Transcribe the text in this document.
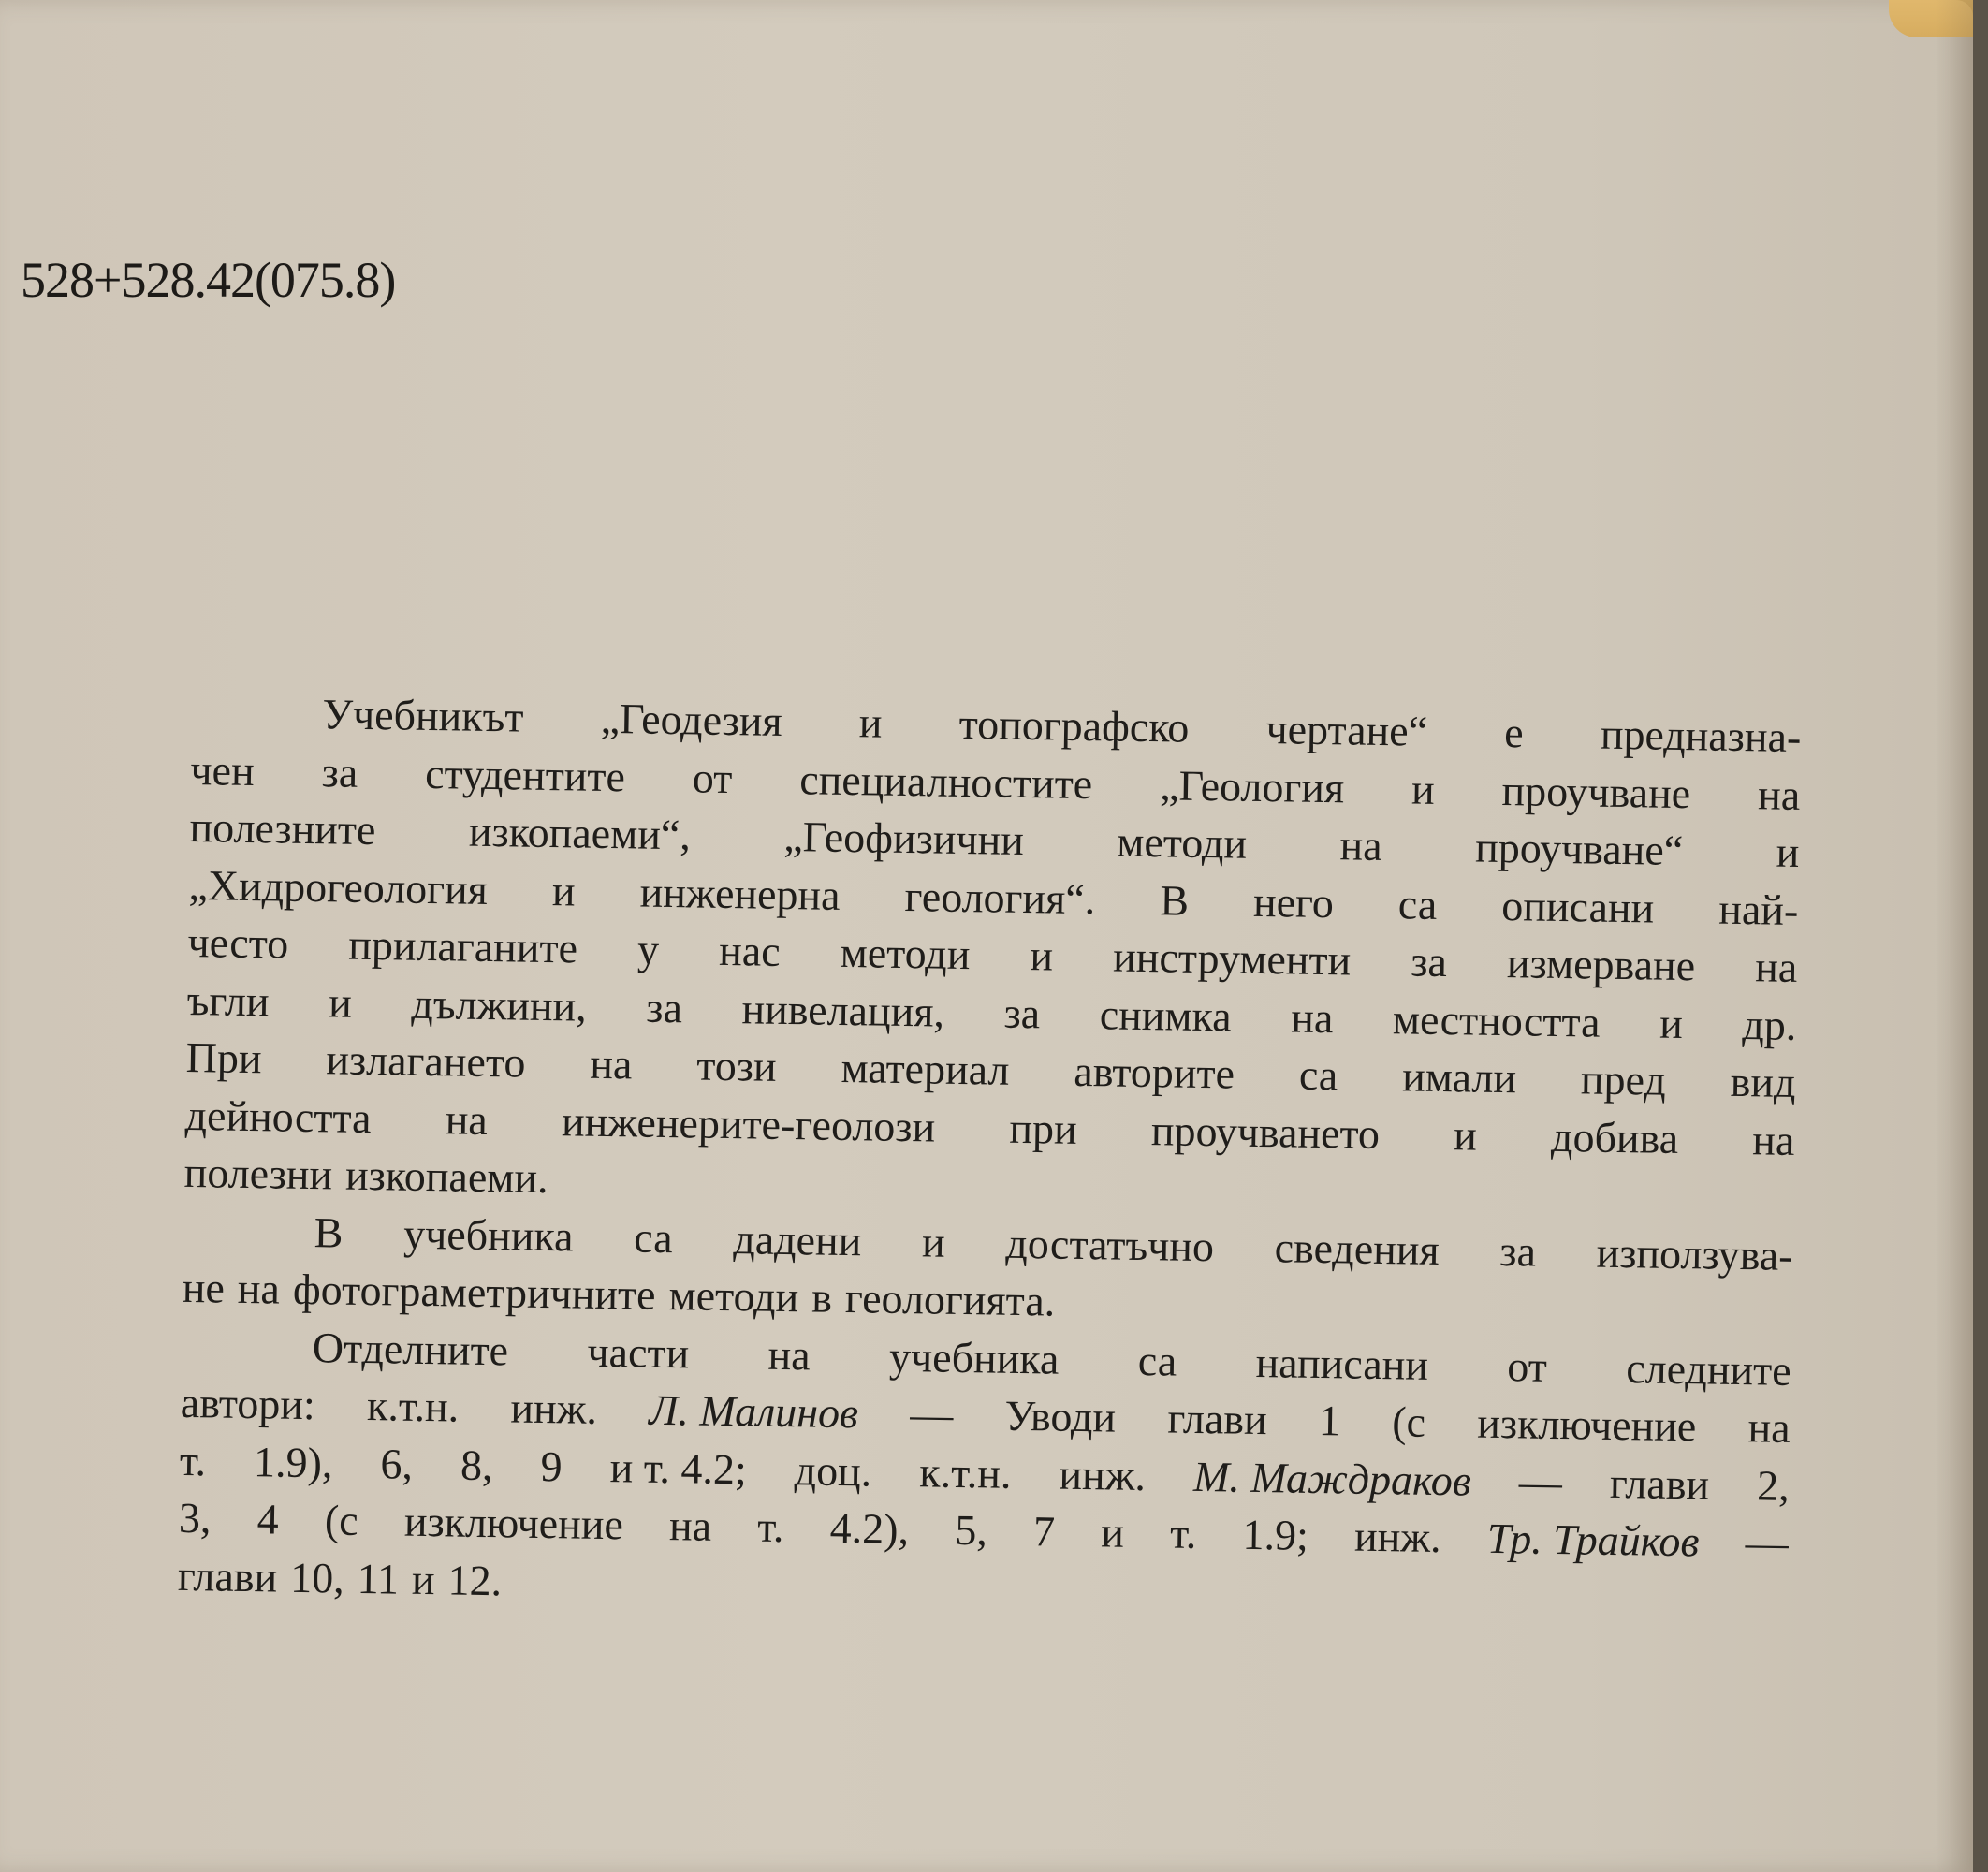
528+528.42(075.8)
Учебникът „Геодезия и топографско чертане“ е предназна-
чен за студентите от специалностите „Геология и проучване на
полезните изкопаеми“, „Геофизични методи на проучване“ и
„Хидрогеология и инженерна геология“. В него са описани най-
често прилаганите у нас методи и инструменти за измерване на
ъгли и дължини, за нивелация, за снимка на местността и др.
При излагането на този материал авторите са имали пред вид
дейността на инженерите-геолози при проучването и добива на
полезни изкопаеми.
В учебника са дадени и достатъчно сведения за използува-
не на фотограметричните методи в геологията.
Отделните части на учебника са написани от следните
автори: к.т.н. инж. Л. Малинов — Уводи глави 1 (с изключение на
т. 1.9), 6, 8, 9 и т. 4.2; доц. к.т.н. инж. М. Маждраков — глави 2,
3, 4 (с изключение на т. 4.2), 5, 7 и т. 1.9; инж. Тр. Трайков —
глави 10, 11 и 12.
